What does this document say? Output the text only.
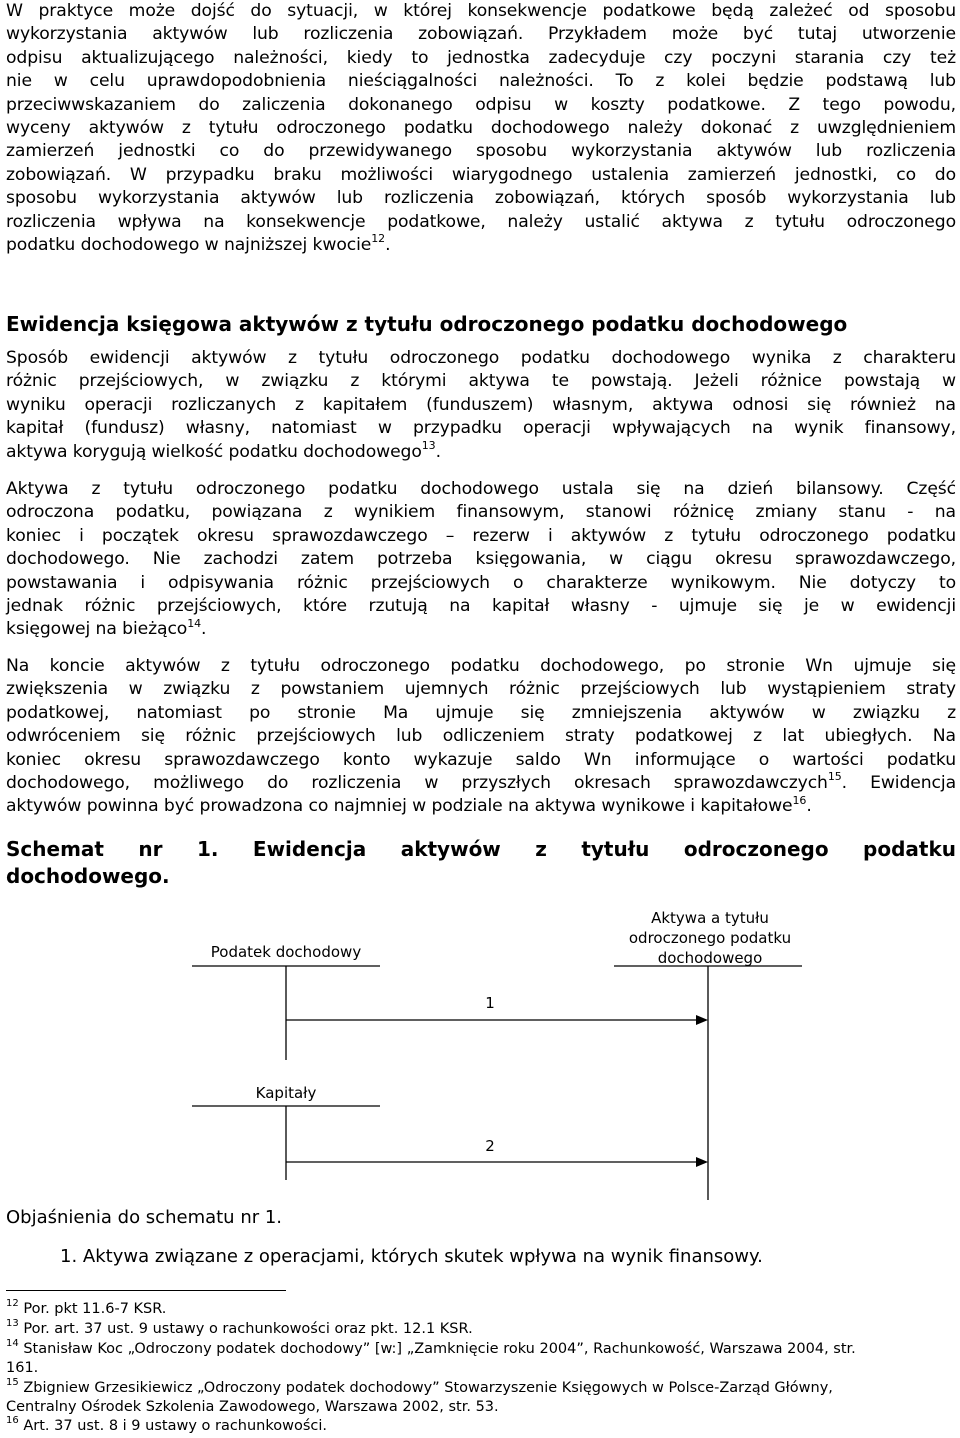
W praktyce może dojść do sytuacji, w której konsekwencje podatkowe będą zależeć od sposobu
wykorzystania aktywów lub rozliczenia zobowiązań. Przykładem może być tutaj utworzenie
odpisu aktualizującego należności, kiedy to jednostka zadecyduje czy poczyni starania czy też
nie w celu uprawdopodobnienia nieściągalności należności. To z kolei będzie podstawą lub
przeciwwskazaniem do zaliczenia dokonanego odpisu w koszty podatkowe. Z tego powodu,
wyceny aktywów z tytułu odroczonego podatku dochodowego należy dokonać z uwzględnieniem
zamierzeń jednostki co do przewidywanego sposobu wykorzystania aktywów lub rozliczenia
zobowiązań. W przypadku braku możliwości wiarygodnego ustalenia zamierzeń jednostki, co do
sposobu wykorzystania aktywów lub rozliczenia zobowiązań, których sposób wykorzystania lub
rozliczenia wpływa na konsekwencje podatkowe, należy ustalić aktywa z tytułu odroczonego
podatku dochodowego w najniższej kwocie$^{12}$.
Ewidencja księgowa aktywów z tytułu odroczonego podatku dochodowego
Sposób ewidencji aktywów z tytułu odroczonego podatku dochodowego wynika z charakteru
różnic przejściowych, w związku z którymi aktywa te powstają. Jeżeli różnice powstają w
wyniku operacji rozliczanych z kapitałem (funduszem) własnym, aktywa odnosi się również na
kapitał (fundusz) własny, natomiast w przypadku operacji wpływających na wynik finansowy,
aktywa korygują wielkość podatku dochodowego$^{13}$.
Aktywa z tytułu odroczonego podatku dochodowego ustala się na dzień bilansowy. Część
odroczona podatku, powiązana z wynikiem finansowym, stanowi różnicę zmiany stanu - na
koniec i początek okresu sprawozdawczego – rezerw i aktywów z tytułu odroczonego podatku
dochodowego. Nie zachodzi zatem potrzeba księgowania, w ciągu okresu sprawozdawczego,
powstawania i odpisywania różnic przejściowych o charakterze wynikowym. Nie dotyczy to
jednak różnic przejściowych, które rzutują na kapitał własny - ujmuje się je w ewidencji
księgowej na bieżąco$^{14}$.
Na koncie aktywów z tytułu odroczonego podatku dochodowego, po stronie Wn ujmuje się
zwiększenia w związku z powstaniem ujemnych różnic przejściowych lub wystąpieniem straty
podatkowej, natomiast po stronie Ma ujmuje się zmniejszenia aktywów w związku z
odwróceniem się różnic przejściowych lub odliczeniem straty podatkowej z lat ubiegłych. Na
koniec okresu sprawozdawczego konto wykazuje saldo Wn informujące o wartości podatku
dochodowego, możliwego do rozliczenia w przyszłych okresach sprawozdawczych$^{15}$. Ewidencja
aktywów powinna być prowadzona co najmniej w podziale na aktywa wynikowe i kapitałowe$^{16}$.
Schemat nr 1. Ewidencja aktywów z tytułu odroczonego podatku
dochodowego.
Podatek dochodowy
Aktywa a tytułu
odroczonego podatku
dochodowego
Kapitały
1
2
Objaśnienia do schematu nr 1.
1. Aktywa związane z operacjami, których skutek wpływa na wynik finansowy.
$^{12}$ Por. pkt 11.6-7 KSR.
$^{13}$ Por. art. 37 ust. 9 ustawy o rachunkowości oraz pkt. 12.1 KSR.
$^{14}$ Stanisław Koc „Odroczony podatek dochodowy” [w:] „Zamknięcie roku 2004”, Rachunkowość, Warszawa 2004, str.
161.
$^{15}$ Zbigniew Grzesikiewicz „Odroczony podatek dochodowy” Stowarzyszenie Księgowych w Polsce-Zarząd Główny,
Centralny Ośrodek Szkolenia Zawodowego, Warszawa 2002, str. 53.
$^{16}$ Art. 37 ust. 8 i 9 ustawy o rachunkowości.
